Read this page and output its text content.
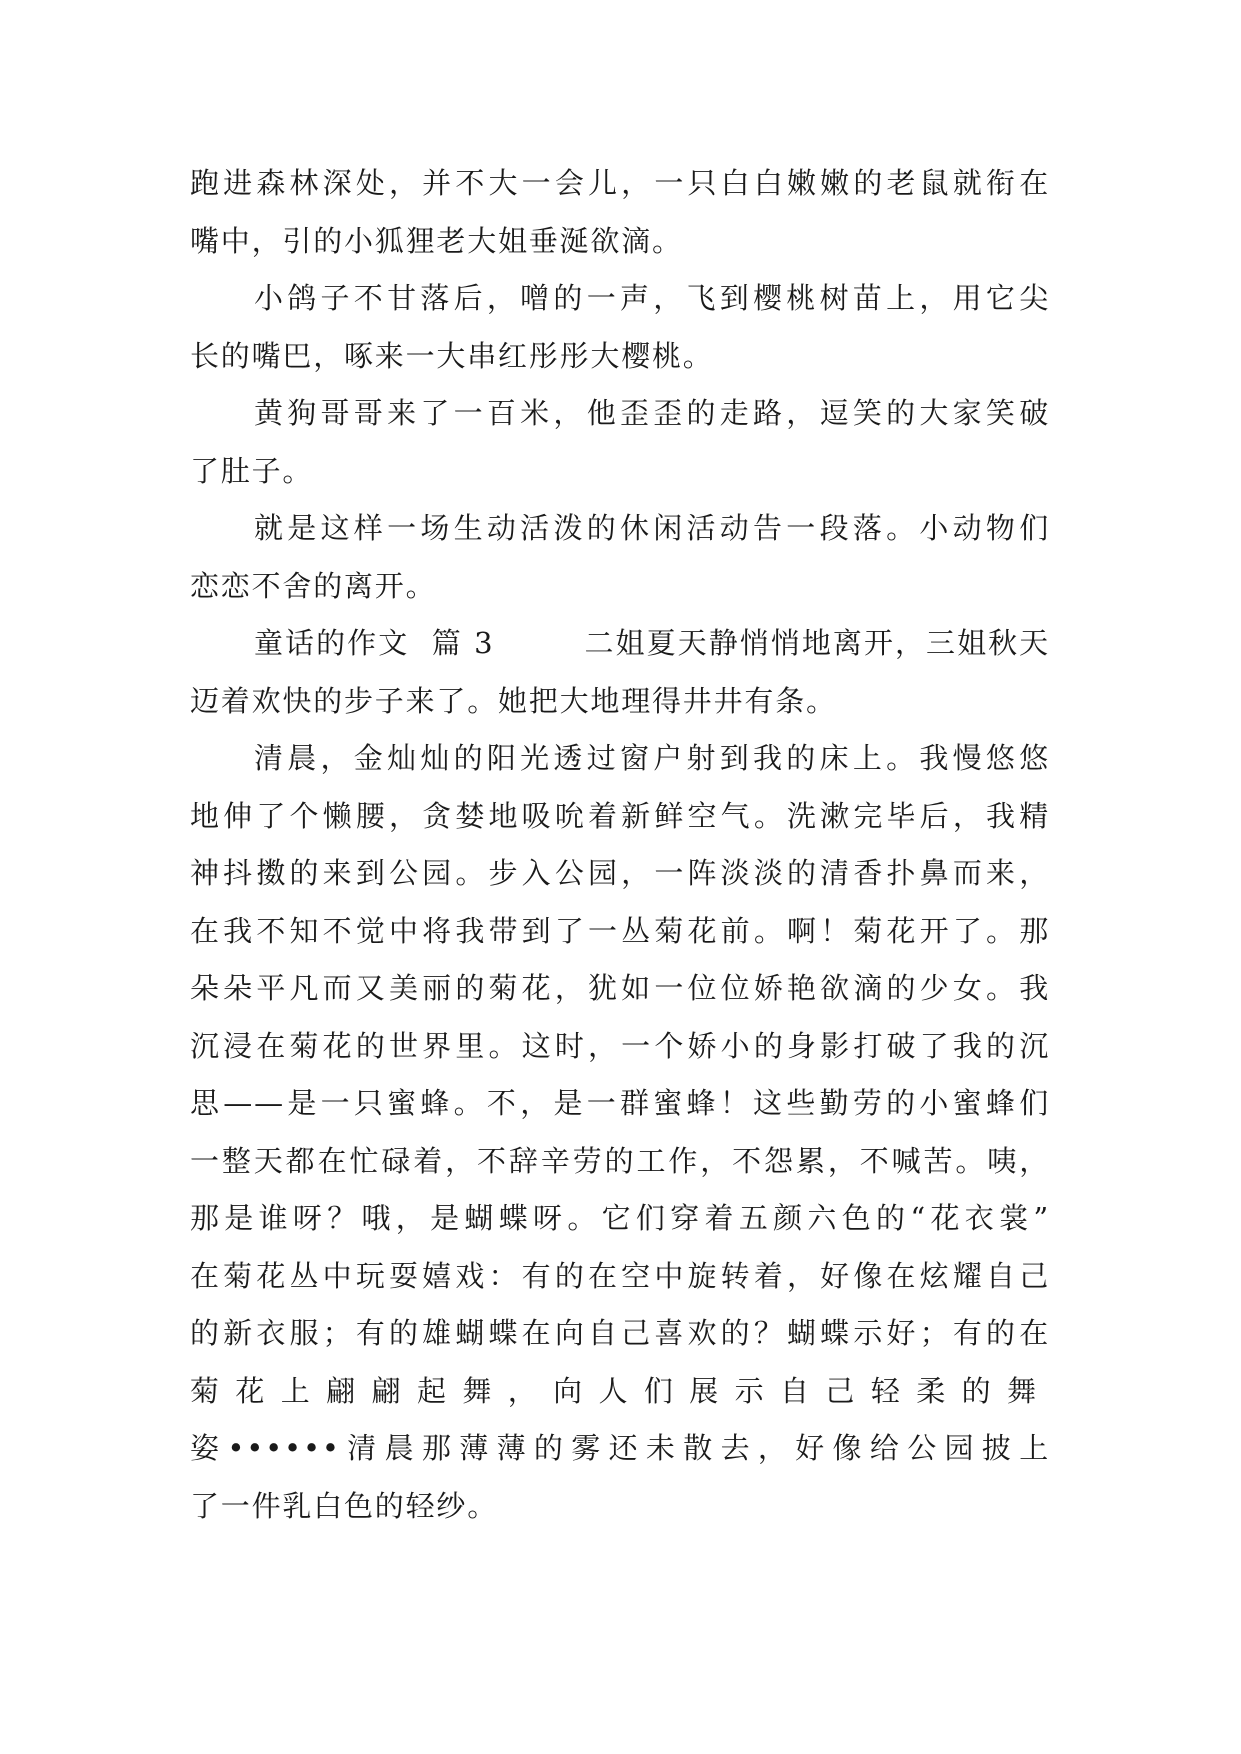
跑进森林深处，并不大一会儿，一只白白嫩嫩的老鼠就衔在
嘴中，引的小狐狸老大姐垂涎欲滴。
小鸽子不甘落后，噌的一声，飞到樱桃树苗上，用它尖
长的嘴巴，啄来一大串红彤彤大樱桃。
黄狗哥哥来了一百米，他歪歪的走路，逗笑的大家笑破
了肚子。
就是这样一场生动活泼的休闲活动告一段落。小动物们
恋恋不舍的离开。
童话的作文  篇 3        二姐夏天静悄悄地离开，三姐秋天
迈着欢快的步子来了。她把大地理得井井有条。
清晨，金灿灿的阳光透过窗户射到我的床上。我慢悠悠
地伸了个懒腰，贪婪地吸吮着新鲜空气。洗漱完毕后，我精
神抖擞的来到公园。步入公园，一阵淡淡的清香扑鼻而来，
在我不知不觉中将我带到了一丛菊花前。啊！菊花开了。那
朵朵平凡而又美丽的菊花，犹如一位位娇艳欲滴的少女。我
沉浸在菊花的世界里。这时，一个娇小的身影打破了我的沉
思——是一只蜜蜂。不，是一群蜜蜂！这些勤劳的小蜜蜂们
一整天都在忙碌着，不辞辛劳的工作，不怨累，不喊苦。咦，
那是谁呀？哦，是蝴蝶呀。它们穿着五颜六色的“花衣裳”
在菊花丛中玩耍嬉戏：有的在空中旋转着，好像在炫耀自己
的新衣服；有的雄蝴蝶在向自己喜欢的？蝴蝶示好；有的在
菊花上翩翩起舞，向人们展示自己轻柔的舞
姿••••••清晨那薄薄的雾还未散去，好像给公园披上
了一件乳白色的轻纱。
